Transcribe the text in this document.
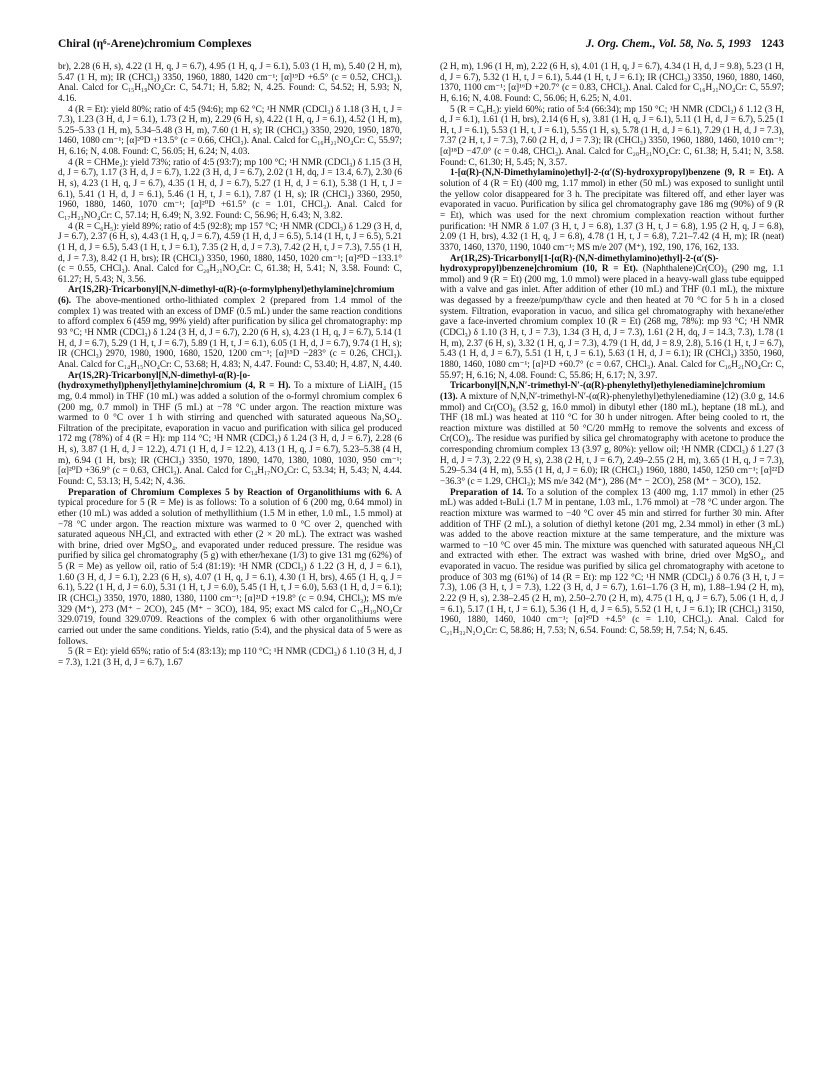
Chiral (η⁶-Arene)chromium Complexes	J. Org. Chem., Vol. 58, No. 5, 1993 1243

br), 2.28 (6 H, s), 4.22 (1 H, q, J = 6.7), 4.95 (1 H, q, J = 6.1), 5.03 (1 H, m), 5.40 (2 H, m), 5.47 (1 H, m); IR (CHCl₃) 3350, 1960, 1880, 1420 cm⁻¹; [α]¹⁹D +6.5° (c = 0.52, CHCl₃). Anal. Calcd for C₁₅H₁₉NO₄Cr: C, 54.71; H, 5.82; N, 4.25. Found: C, 54.52; H, 5.93; N, 4.16.

4 (R = Et): yield 80%; ratio of 4:5 (94:6); mp 62 °C; ¹H NMR (CDCl₃) δ 1.18 (3 H, t, J = 7.3), 1.23 (3 H, d, J = 6.1), 1.73 (2 H, m), 2.29 (6 H, s), 4.22 (1 H, q, J = 6.1), 4.52 (1 H, m), 5.25–5.33 (1 H, m), 5.34–5.48 (3 H, m), 7.60 (1 H, s); IR (CHCl₃) 3350, 2920, 1950, 1870, 1460, 1080 cm⁻¹; [α]²⁰D +13.5° (c = 0.66, CHCl₃). Anal. Calcd for C₁₆H₂₁NO₄Cr: C, 55.97; H, 6.16; N, 4.08. Found: C, 56.05; H, 6.24; N, 4.03.

4 (R = CHMe₂): yield 73%; ratio of 4:5 (93:7); mp 100 °C; ¹H NMR (CDCl₃) δ 1.15 (3 H, d, J = 6.7), 1.17 (3 H, d, J = 6.7), 1.22 (3 H, d, J = 6.7), 2.02 (1 H, dq, J = 13.4, 6.7), 2.30 (6 H, s), 4.23 (1 H, q, J = 6.7), 4.35 (1 H, d, J = 6.7), 5.27 (1 H, d, J = 6.1), 5.38 (1 H, t, J = 6.1), 5.41 (1 H, d, J = 6.1), 5.46 (1 H, t, J = 6.1), 7.87 (1 H, s); IR (CHCl₃) 3360, 2950, 1960, 1880, 1460, 1070 cm⁻¹; [α]²⁰D +61.5° (c = 1.01, CHCl₃). Anal. Calcd for C₁₇H₂₃NO₄Cr: C, 57.14; H, 6.49; N, 3.92. Found: C, 56.96; H, 6.43; N, 3.82.

4 (R = C₆H₅): yield 89%; ratio of 4:5 (92:8); mp 157 °C; ¹H NMR (CDCl₃) δ 1.29 (3 H, d, J = 6.7), 2.37 (6 H, s), 4.43 (1 H, q, J = 6.7), 4.59 (1 H, d, J = 6.5), 5.14 (1 H, t, J = 6.5), 5.21 (1 H, d, J = 6.5), 5.43 (1 H, t, J = 6.1), 7.35 (2 H, d, J = 7.3), 7.42 (2 H, t, J = 7.3), 7.55 (1 H, d, J = 7.3), 8.42 (1 H, brs); IR (CHCl₃) 3350, 1960, 1880, 1450, 1020 cm⁻¹; [α]²⁰D −133.1° (c = 0.55, CHCl₃). Anal. Calcd for C₂₀H₂₁NO₄Cr: C, 61.38; H, 5.41; N, 3.58. Found: C, 61.27; H, 5.43; N, 3.56.

Ar(1S,2R)-Tricarbonyl[N,N-dimethyl-α(R)-(o-formylphenyl)ethylamine]chromium (6). The above-mentioned ortho-lithiated complex 2 (prepared from 1.4 mmol of the complex 1) was treated with an excess of DMF (0.5 mL) under the same reaction conditions to afford complex 6 (459 mg, 99% yield) after purification by silica gel chromatography: mp 93 °C; ¹H NMR (CDCl₃) δ 1.24 (3 H, d, J = 6.7), 2.20 (6 H, s), 4.23 (1 H, q, J = 6.7), 5.14 (1 H, d, J = 6.7), 5.29 (1 H, t, J = 6.7), 5.89 (1 H, t, J = 6.1), 6.05 (1 H, d, J = 6.7), 9.74 (1 H, s); IR (CHCl₃) 2970, 1980, 1900, 1680, 1520, 1200 cm⁻¹; [α]¹⁵D −283° (c = 0.26, CHCl₃). Anal. Calcd for C₁₄H₁₅NO₄Cr: C, 53.68; H, 4.83; N, 4.47. Found: C, 53.40; H, 4.87, N, 4.40.

Ar(1S,2R)-Tricarbonyl[N,N-dimethyl-α(R)-[o-(hydroxymethyl)phenyl]ethylamine]chromium (4, R = H). To a mixture of LiAlH₄ (15 mg, 0.4 mmol) in THF (10 mL) was added a solution of the o-formyl chromium complex 6 (200 mg, 0.7 mmol) in THF (5 mL) at −78 °C under argon. The reaction mixture was warmed to 0 °C over 1 h with stirring and quenched with saturated aqueous Na₂SO₄. Filtration of the precipitate, evaporation in vacuo and purification with silica gel produced 172 mg (78%) of 4 (R = H): mp 114 °C; ¹H NMR (CDCl₃) δ 1.24 (3 H, d, J = 6.7), 2.28 (6 H, s), 3.87 (1 H, d, J = 12.2), 4.71 (1 H, d, J = 12.2), 4.13 (1 H, q, J = 6.7), 5.23–5.38 (4 H, m), 6.94 (1 H, brs); IR (CHCl₃) 3350, 1970, 1890, 1470, 1380, 1080, 1030, 950 cm⁻¹; [α]²⁰D +36.9° (c = 0.63, CHCl₃). Anal. Calcd for C₁₄H₁₇NO₄Cr: C, 53.34; H, 5.43; N, 4.44. Found: C, 53.13; H, 5.42; N, 4.36.

Preparation of Chromium Complexes 5 by Reaction of Organolithiums with 6. A typical procedure for 5 (R = Me) is as follows: To a solution of 6 (200 mg, 0.64 mmol) in ether (10 mL) was added a solution of methyllithium (1.5 M in ether, 1.0 mL, 1.5 mmol) at −78 °C under argon. The reaction mixture was warmed to 0 °C over 2, quenched with saturated aqueous NH₄Cl, and extracted with ether (2 × 20 mL). The extract was washed with brine, dried over MgSO₄, and evaporated under reduced pressure. The residue was purified by silica gel chromatography (5 g) with ether/hexane (1/3) to give 131 mg (62%) of 5 (R = Me) as yellow oil, ratio of 5:4 (81:19): ¹H NMR (CDCl₃) δ 1.22 (3 H, d, J = 6.1), 1.60 (3 H, d, J = 6.1), 2.23 (6 H, s), 4.07 (1 H, q, J = 6.1), 4.30 (1 H, brs), 4.65 (1 H, q, J = 6.1), 5.22 (1 H, d, J = 6.0), 5.31 (1 H, t, J = 6.0), 5.45 (1 H, t, J = 6.0), 5.63 (1 H, d, J = 6.1); IR (CHCl₃) 3350, 1970, 1880, 1380, 1100 cm⁻¹; [α]²¹D +19.8° (c = 0.94, CHCl₃); MS m/e 329 (M⁺), 273 (M⁺ − 2CO), 245 (M⁺ − 3CO), 184, 95; exact MS calcd for C₁₅H₁₉NO₄Cr 329.0719, found 329.0709. Reactions of the complex 6 with other organolithiums were carried out under the same conditions. Yields, ratio (5:4), and the physical data of 5 were as follows.

5 (R = Et): yield 65%; ratio of 5:4 (83:13); mp 110 °C; ¹H NMR (CDCl₃) δ 1.10 (3 H, d, J = 7.3), 1.21 (3 H, d, J = 6.7), 1.67

(2 H, m), 1.96 (1 H, m), 2.22 (6 H, s), 4.01 (1 H, q, J = 6.7), 4.34 (1 H, d, J = 9.8), 5.23 (1 H, d, J = 6.7), 5.32 (1 H, t, J = 6.1), 5.44 (1 H, t, J = 6.1); IR (CHCl₃) 3350, 1960, 1880, 1460, 1370, 1100 cm⁻¹; [α]¹⁶D +20.7° (c = 0.83, CHCl₃). Anal. Calcd for C₁₆H₂₁NO₄Cr: C, 55.97; H, 6.16; N, 4.08. Found: C, 56.06; H, 6.25; N, 4.01.

5 (R = C₆H₅): yield 60%; ratio of 5:4 (66:34); mp 150 °C; ¹H NMR (CDCl₃) δ 1.12 (3 H, d, J = 6.1), 1.61 (1 H, brs), 2.14 (6 H, s), 3.81 (1 H, q, J = 6.1), 5.11 (1 H, d, J = 6.7), 5.25 (1 H, t, J = 6.1), 5.53 (1 H, t, J = 6.1), 5.55 (1 H, s), 5.78 (1 H, d, J = 6.1), 7.29 (1 H, d, J = 7.3), 7.37 (2 H, t, J = 7.3), 7.60 (2 H, d, J = 7.3); IR (CHCl₃) 3350, 1960, 1880, 1460, 1010 cm⁻¹; [α]¹⁸D −47.0° (c = 0.48, CHCl₃). Anal. Calcd for C₂₀H₂₁NO₄Cr: C, 61.38; H, 5.41; N, 3.58. Found: C, 61.30; H, 5.45; N, 3.57.

1-[α(R)-(N,N-Dimethylamino)ethyl]-2-(α′(S)-hydroxypropyl)benzene (9, R = Et). A solution of 4 (R = Et) (400 mg, 1.17 mmol) in ether (50 mL) was exposed to sunlight until the yellow color disappeared for 3 h. The precipitate was filtered off, and ether layer was evaporated in vacuo. Purification by silica gel chromatography gave 186 mg (90%) of 9 (R = Et), which was used for the next chromium complexation reaction without further purification: ¹H NMR δ 1.07 (3 H, t, J = 6.8), 1.37 (3 H, t, J = 6.8), 1.95 (2 H, q, J = 6.8), 2.09 (1 H, brs), 4.32 (1 H, q, J = 6.8), 4.78 (1 H, t, J = 6.8), 7.21–7.42 (4 H, m); IR (neat) 3370, 1460, 1370, 1190, 1040 cm⁻¹; MS m/e 207 (M⁺), 192, 190, 176, 162, 133.

Ar(1R,2S)-Tricarbonyl[1-[α(R)-(N,N-dimethylamino)ethyl]-2-(α′(S)-hydroxypropyl)benzene]chromium (10, R = Et). (Naphthalene)Cr(CO)₃ (290 mg, 1.1 mmol) and 9 (R = Et) (200 mg, 1.0 mmol) were placed in a heavy-wall glass tube equipped with a valve and gas inlet. After addition of ether (10 mL) and THF (0.1 mL), the mixture was degassed by a freeze/pump/thaw cycle and then heated at 70 °C for 5 h in a closed system. Filtration, evaporation in vacuo, and silica gel chromatography with hexane/ether gave a face-inverted chromium complex 10 (R = Et) (268 mg, 78%): mp 93 °C; ¹H NMR (CDCl₃) δ 1.10 (3 H, t, J = 7.3), 1.34 (3 H, d, J = 7.3), 1.61 (2 H, dq, J = 14.3, 7.3), 1.78 (1 H, m), 2.37 (6 H, s), 3.32 (1 H, q, J = 7.3), 4.79 (1 H, dd, J = 8.9, 2.8), 5.16 (1 H, t, J = 6.7), 5.43 (1 H, d, J = 6.7), 5.51 (1 H, t, J = 6.1), 5.63 (1 H, d, J = 6.1); IR (CHCl₃) 3350, 1960, 1880, 1460, 1080 cm⁻¹; [α]²¹D +60.7° (c = 0.67, CHCl₃). Anal. Calcd for C₁₆H₂₁NO₄Cr: C, 55.97; H, 6.16; N, 4.08. Found: C, 55.86; H, 6.17; N, 3.97.

Tricarbonyl[N,N,N′-trimethyl-N′-(α(R)-phenylethyl)ethylenediamine]chromium (13). A mixture of N,N,N′-trimethyl-N′-(α(R)-phenylethyl)ethylenediamine (12) (3.0 g, 14.6 mmol) and Cr(CO)₆ (3.52 g, 16.0 mmol) in dibutyl ether (180 mL), heptane (18 mL), and THF (18 mL) was heated at 110 °C for 30 h under nitrogen. After being cooled to rt, the reaction mixture was distilled at 50 °C/20 mmHg to remove the solvents and excess of Cr(CO)₆. The residue was purified by silica gel chromatography with acetone to produce the corresponding chromium complex 13 (3.97 g, 80%): yellow oil; ¹H NMR (CDCl₃) δ 1.27 (3 H, d, J = 7.3), 2.22 (9 H, s), 2.38 (2 H, t, J = 6.7), 2.49–2.55 (2 H, m), 3.65 (1 H, q, J = 7.3), 5.29–5.34 (4 H, m), 5.55 (1 H, d, J = 6.0); IR (CHCl₃) 1960, 1880, 1450, 1250 cm⁻¹; [α]²²D −36.3° (c = 1.29, CHCl₃); MS m/e 342 (M⁺), 286 (M⁺ − 2CO), 258 (M⁺ − 3CO), 152.

Preparation of 14. To a solution of the complex 13 (400 mg, 1.17 mmol) in ether (25 mL) was added t-BuLi (1.7 M in pentane, 1.03 mL, 1.76 mmol) at −78 °C under argon. The reaction mixture was warmed to −40 °C over 45 min and stirred for further 30 min. After addition of THF (2 mL), a solution of diethyl ketone (201 mg, 2.34 mmol) in ether (3 mL) was added to the above reaction mixture at the same temperature, and the mixture was warmed to −10 °C over 45 min. The mixture was quenched with saturated aqueous NH₄Cl and extracted with ether. The extract was washed with brine, dried over MgSO₄, and evaporated in vacuo. The residue was purified by silica gel chromatography with acetone to produce of 303 mg (61%) of 14 (R = Et): mp 122 °C; ¹H NMR (CDCl₃) δ 0.76 (3 H, t, J = 7.3), 1.06 (3 H, t, J = 7.3), 1.22 (3 H, d, J = 6.7), 1.61–1.76 (3 H, m), 1.88–1.94 (2 H, m), 2.22 (9 H, s), 2.38–2.45 (2 H, m), 2.50–2.70 (2 H, m), 4.75 (1 H, q, J = 6.7), 5.06 (1 H, d, J = 6.1), 5.17 (1 H, t, J = 6.1), 5.36 (1 H, d, J = 6.5), 5.52 (1 H, t, J = 6.1); IR (CHCl₃) 3150, 1960, 1880, 1460, 1040 cm⁻¹; [α]²⁰D +4.5° (c = 1.10, CHCl₃). Anal. Calcd for C₂₁H₃₂N₂O₄Cr: C, 58.86; H, 7.53; N, 6.54. Found: C, 58.59; H, 7.54; N, 6.45.
